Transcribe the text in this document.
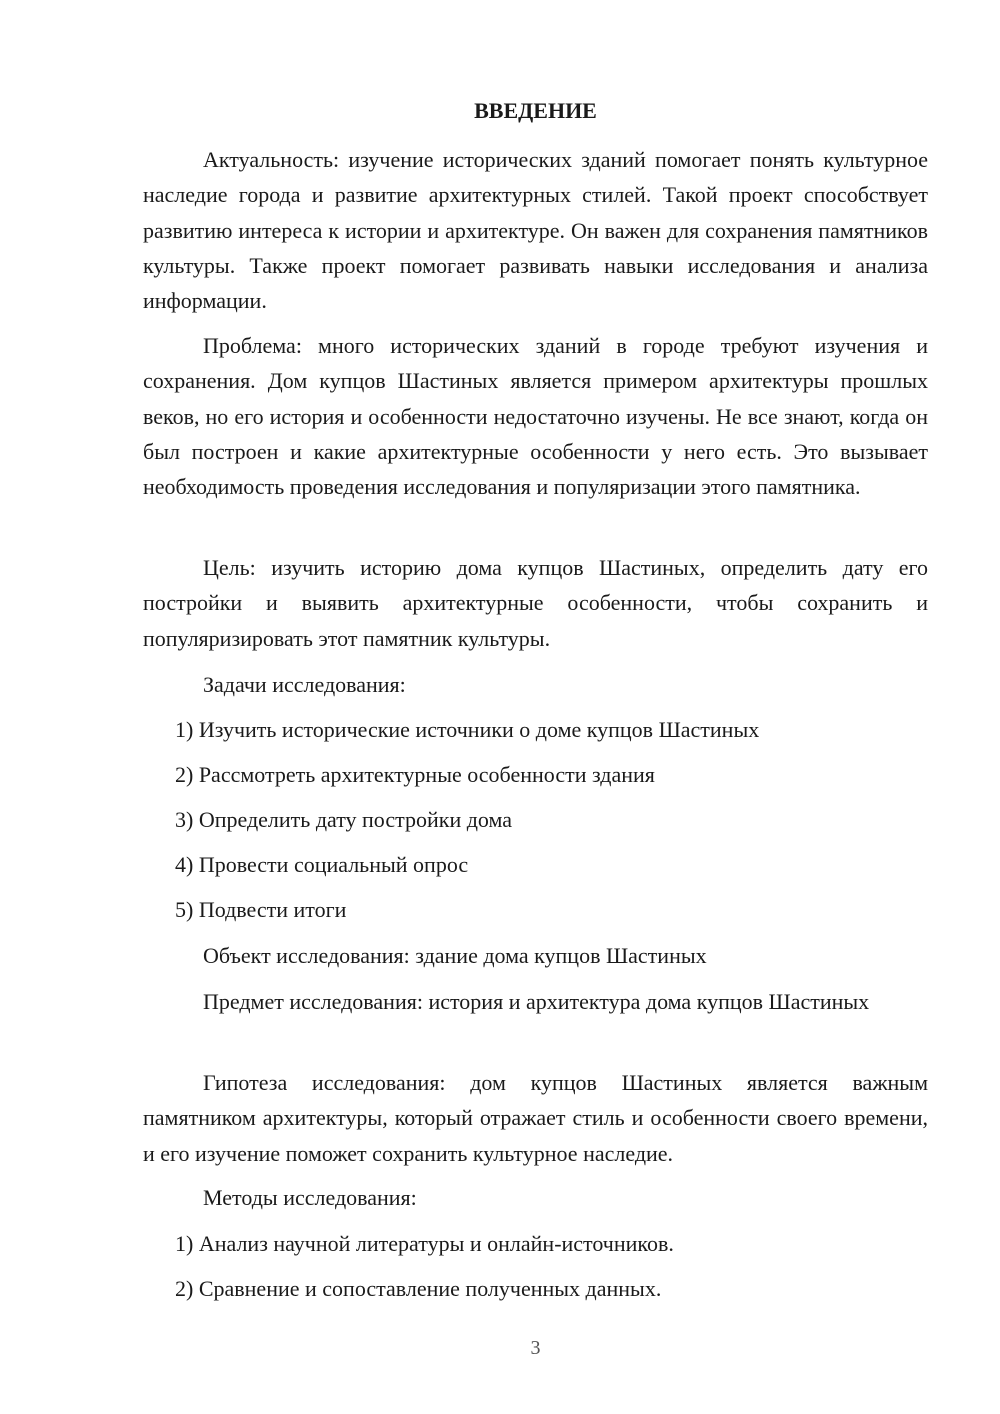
ВВЕДЕНИЕ

Актуальность: изучение исторических зданий помогает понять культурное наследие города и развитие архитектурных стилей. Такой проект способствует развитию интереса к истории и архитектуре. Он важен для сохранения памятников культуры. Также проект помогает развивать навыки исследования и анализа информации.

Проблема: много исторических зданий в городе требуют изучения и сохранения. Дом купцов Шастиных является примером архитектуры прошлых веков, но его история и особенности недостаточно изучены. Не все знают, когда он был построен и какие архитектурные особенности у него есть. Это вызывает необходимость проведения исследования и популяризации этого памятника.

Цель: изучить историю дома купцов Шастиных, определить дату его постройки и выявить архитектурные особенности, чтобы сохранить и популяризировать этот памятник культуры.

Задачи исследования:

1) Изучить исторические источники о доме купцов Шастиных

2) Рассмотреть архитектурные особенности здания

3) Определить дату постройки дома

4) Провести социальный опрос

5) Подвести итоги

Объект исследования: здание дома купцов Шастиных

Предмет исследования: история и архитектура дома купцов Шастиных

Гипотеза исследования: дом купцов Шастиных является важным памятником архитектуры, который отражает стиль и особенности своего времени, и его изучение поможет сохранить культурное наследие.

Методы исследования:

1) Анализ научной литературы и онлайн-источников.

2) Сравнение и сопоставление полученных данных.

3
